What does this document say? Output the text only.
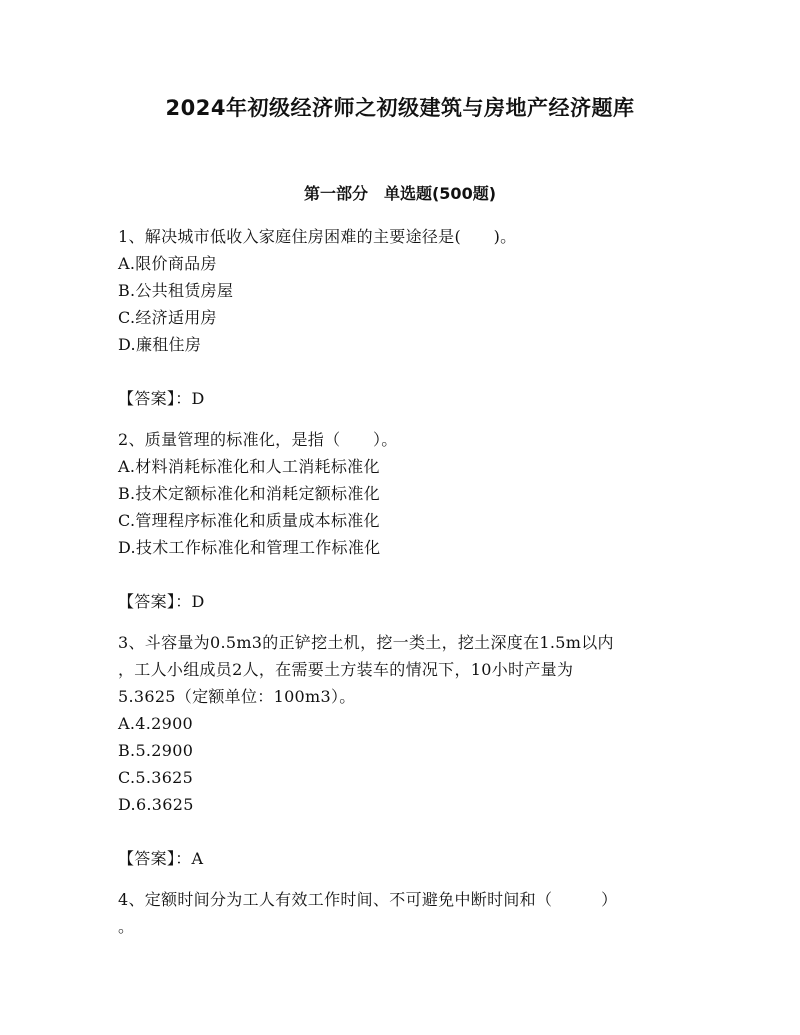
2024年初级经济师之初级建筑与房地产经济题库
第一部分　单选题(500题)

1、解决城市低收入家庭住房困难的主要途径是(　　)。

A.限价商品房

B.公共租赁房屋

C.经济适用房

D.廉租住房

【答案】：D

2、质量管理的标准化，是指（　　）。

A.材料消耗标准化和人工消耗标准化

B.技术定额标准化和消耗定额标准化

C.管理程序标准化和质量成本标准化

D.技术工作标准化和管理工作标准化

【答案】：D

3、斗容量为0.5m3的正铲挖土机，挖一类土，挖土深度在1.5m以内

，工人小组成员2人，在需要土方装车的情况下，10小时产量为

5.3625（定额单位：100m3）。

A.4.2900

B.5.2900

C.5.3625

D.6.3625

【答案】：A

4、定额时间分为工人有效工作时间、不可避免中断时间和（　　　）

。
